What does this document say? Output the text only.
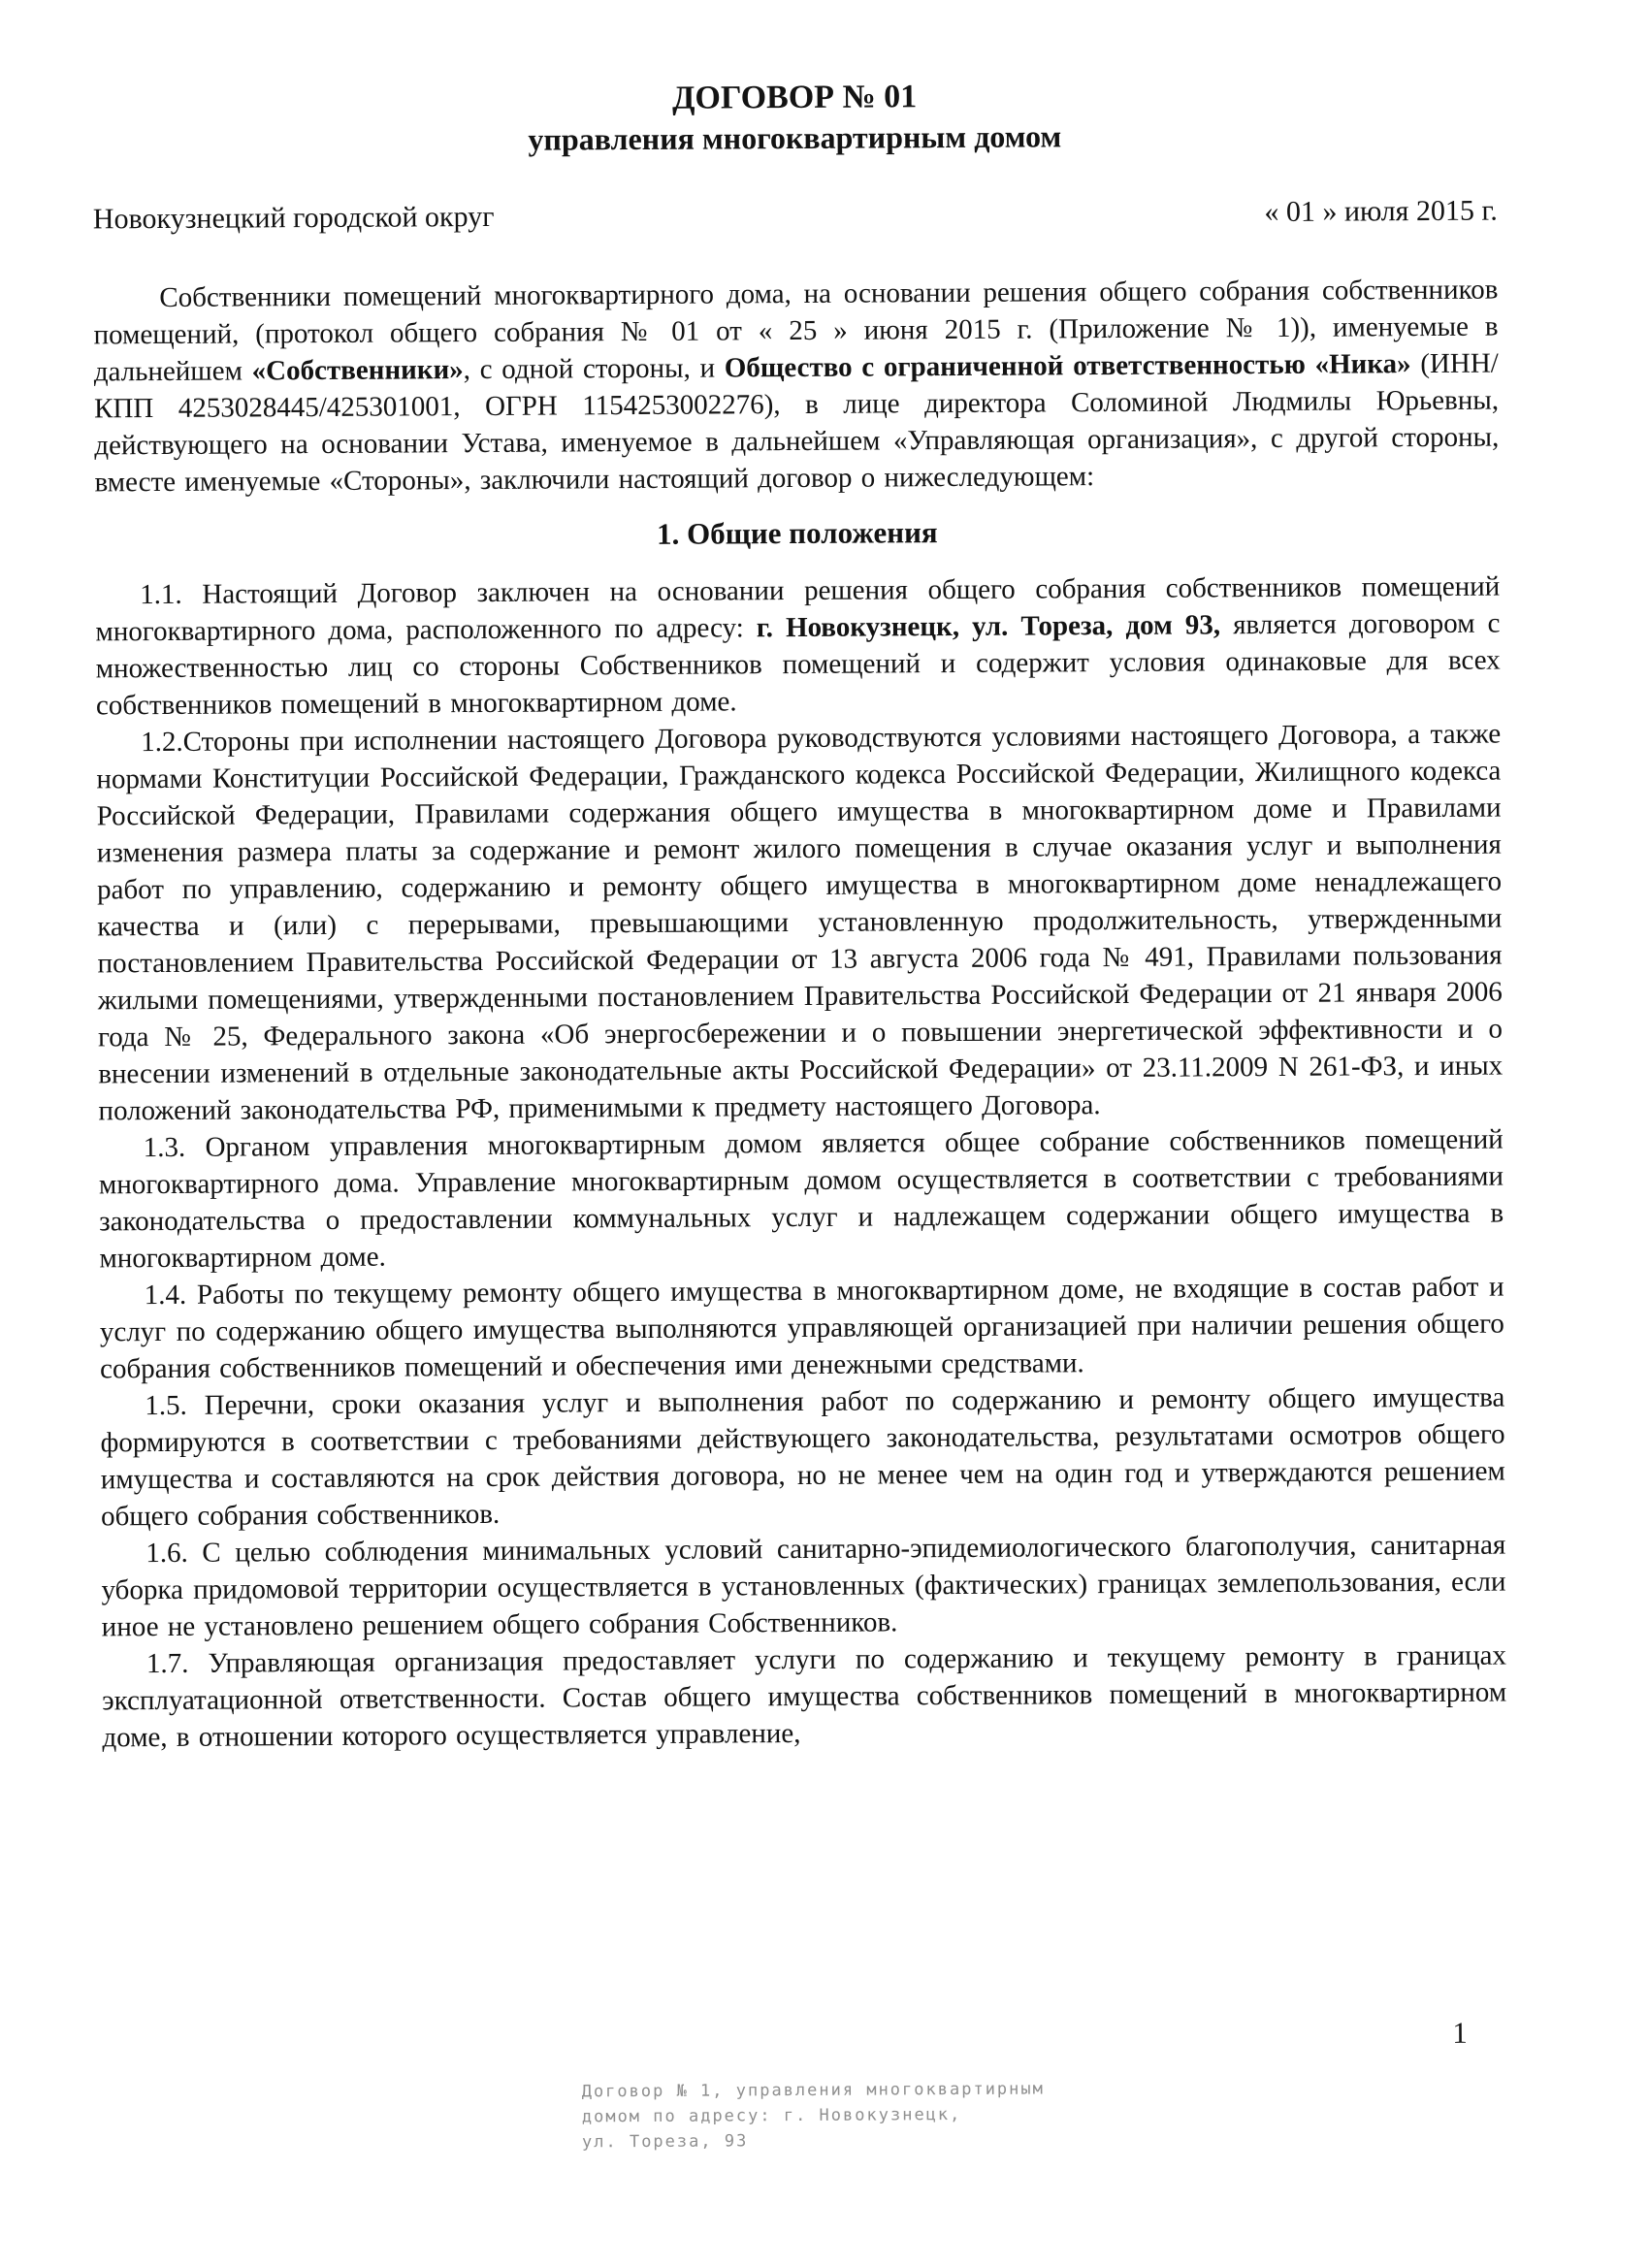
ДОГОВОР № 01
управления многоквартирным домом
Новокузнецкий городской округ	« 01 » июля 2015 г.

Собственники помещений многоквартирного дома, на основании решения общего собрания собственников помещений, (протокол общего собрания № 01 от « 25 » июня 2015 г. (Приложение № 1)), именуемые в дальнейшем «Собственники», с одной стороны, и Общество с ограниченной ответственностью «Ника» (ИНН/КПП 4253028445/425301001, ОГРН 1154253002276), в лице директора Соломиной Людмилы Юрьевны, действующего на основании Устава, именуемое в дальнейшем «Управляющая организация», с другой стороны, вместе именуемые «Стороны», заключили настоящий договор о нижеследующем:

1. Общие положения

1.1. Настоящий Договор заключен на основании решения общего собрания собственников помещений многоквартирного дома, расположенного по адресу: г. Новокузнецк, ул. Тореза, дом 93, является договором с множественностью лиц со стороны Собственников помещений и содержит условия одинаковые для всех собственников помещений в многоквартирном доме.

1.2.Стороны при исполнении настоящего Договора руководствуются условиями настоящего Договора, а также нормами Конституции Российской Федерации, Гражданского кодекса Российской Федерации, Жилищного кодекса Российской Федерации, Правилами содержания общего имущества в многоквартирном доме и Правилами изменения размера платы за содержание и ремонт жилого помещения в случае оказания услуг и выполнения работ по управлению, содержанию и ремонту общего имущества в многоквартирном доме ненадлежащего качества и (или) с перерывами, превышающими установленную продолжительность, утвержденными постановлением Правительства Российской Федерации от 13 августа 2006 года № 491, Правилами пользования жилыми помещениями, утвержденными постановлением Правительства Российской Федерации от 21 января 2006 года № 25, Федерального закона «Об энергосбережении и о повышении энергетической эффективности и о внесении изменений в отдельные законодательные акты Российской Федерации» от 23.11.2009 N 261-ФЗ, и иных положений законодательства РФ, применимыми к предмету настоящего Договора.

1.3. Органом управления многоквартирным домом является общее собрание собственников помещений многоквартирного дома. Управление многоквартирным домом осуществляется в соответствии с требованиями законодательства о предоставлении коммунальных услуг и надлежащем содержании общего имущества в многоквартирном доме.

1.4. Работы по текущему ремонту общего имущества в многоквартирном доме, не входящие в состав работ и услуг по содержанию общего имущества выполняются управляющей организацией при наличии решения общего собрания собственников помещений и обеспечения ими денежными средствами.

1.5. Перечни, сроки оказания услуг и выполнения работ по содержанию и ремонту общего имущества формируются в соответствии с требованиями действующего законодательства, результатами осмотров общего имущества и составляются на срок действия договора, но не менее чем на один год и утверждаются решением общего собрания собственников.

1.6. С целью соблюдения минимальных условий санитарно-эпидемиологического благополучия, санитарная уборка придомовой территории осуществляется в установленных (фактических) границах землепользования, если иное не установлено решением общего собрания Собственников.

1.7. Управляющая организация предоставляет услуги по содержанию и текущему ремонту в границах эксплуатационной ответственности. Состав общего имущества собственников помещений в многоквартирном доме, в отношении которого осуществляется управление,

1
Договор № 1, управления многоквартирным
домом по адресу: г. Новокузнецк,
ул. Тореза, 93
